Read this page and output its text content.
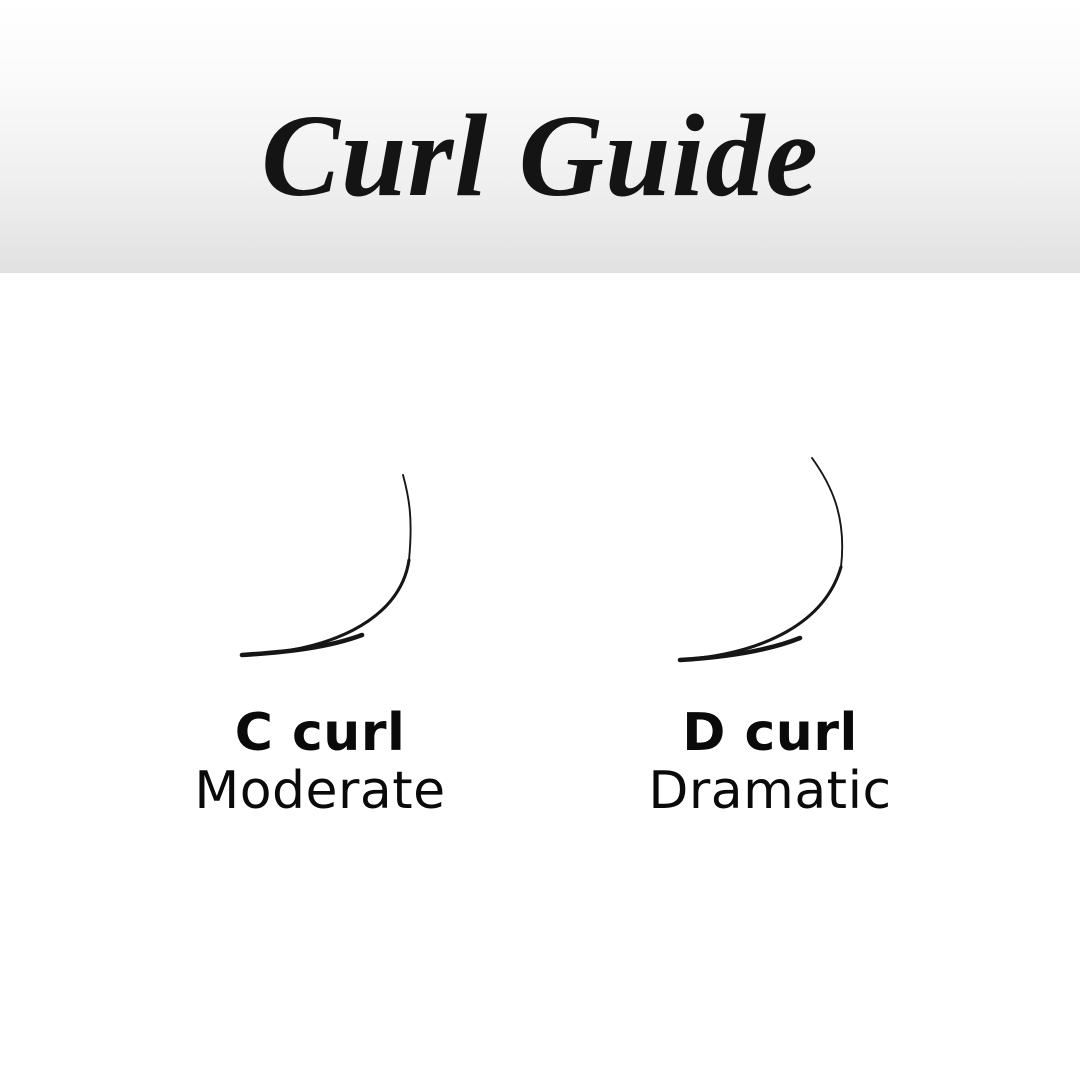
Curl Guide
C curl
Moderate
D curl
Dramatic
